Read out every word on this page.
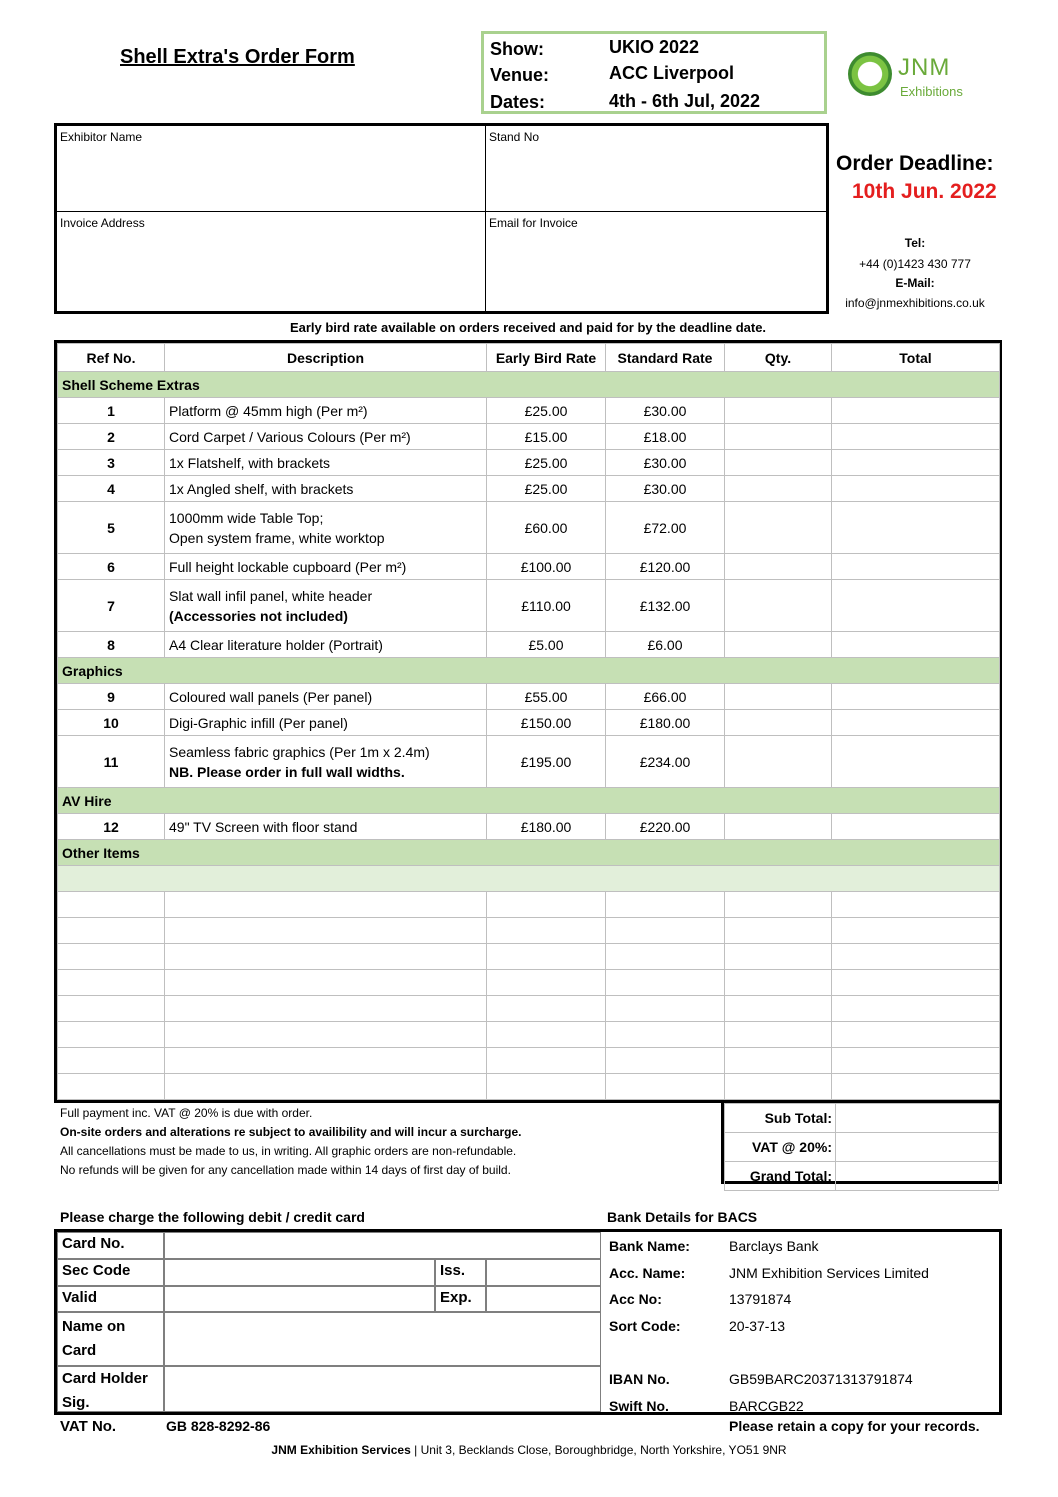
Shell Extra's Order Form	Show:	UKIO 2022
Venue:	ACC Liverpool
Dates:	4th - 6th Jul, 2022
JNM
Exhibitions
Exhibitor Name	Stand No
Invoice Address	Email for Invoice
Order Deadline:
10th Jun. 2022
Tel:
+44 (0)1423 430 777
E-Mail:
info@jnmexhibitions.co.uk
Early bird rate available on orders received and paid for by the deadline date.
Ref No.	Description	Early Bird Rate	Standard Rate	Qty.	Total
Shell Scheme Extras					
1	Platform @ 45mm high (Per m²)	£25.00	£30.00		
2	Cord Carpet / Various Colours (Per m²)	£15.00	£18.00		
3	1x Flatshelf, with brackets	£25.00	£30.00		
4	1x Angled shelf, with brackets	£25.00	£30.00		
5	1000mm wide Table Top;
Open system frame, white worktop	£60.00	£72.00		
6	Full height lockable cupboard (Per m²)	£100.00	£120.00		
7	Slat wall infil panel, white header
(Accessories not included)	£110.00	£132.00		
8	A4 Clear literature holder (Portrait)	£5.00	£6.00		
Graphics					
9	Coloured wall panels (Per panel)	£55.00	£66.00		
10	Digi-Graphic infill (Per panel)	£150.00	£180.00		
11	Seamless fabric graphics (Per 1m x 2.4m)
NB. Please order in full wall widths.	£195.00	£234.00		
AV Hire					
12	49" TV Screen with floor stand	£180.00	£220.00		
Other Items					

Full payment inc. VAT @ 20% is due with order.
On-site orders and alterations re subject to availibility and will incur a surcharge.
All cancellations must be made to us, in writing. All graphic orders are non-refundable.
No refunds will be given for any cancellation made within 14 days of first day of build.
Sub Total:	
VAT @ 20%:	
Grand Total:	
Please charge the following debit / credit card	Bank Details for BACS
Card No.
Sec Code	Iss.
Valid	Exp.
Name on
Card
Card Holder
Sig.
Bank Name:	Barclays Bank
Acc. Name:	JNM Exhibition Services Limited
Acc No:	13791874
Sort Code:	20-37-13
IBAN No.	GB59BARC20371313791874
Swift No.	BARCGB22
VAT No.	GB 828-8292-86	Please retain a copy for your records.
JNM Exhibition Services | Unit 3, Becklands Close, Boroughbridge, North Yorkshire, YO51 9NR
